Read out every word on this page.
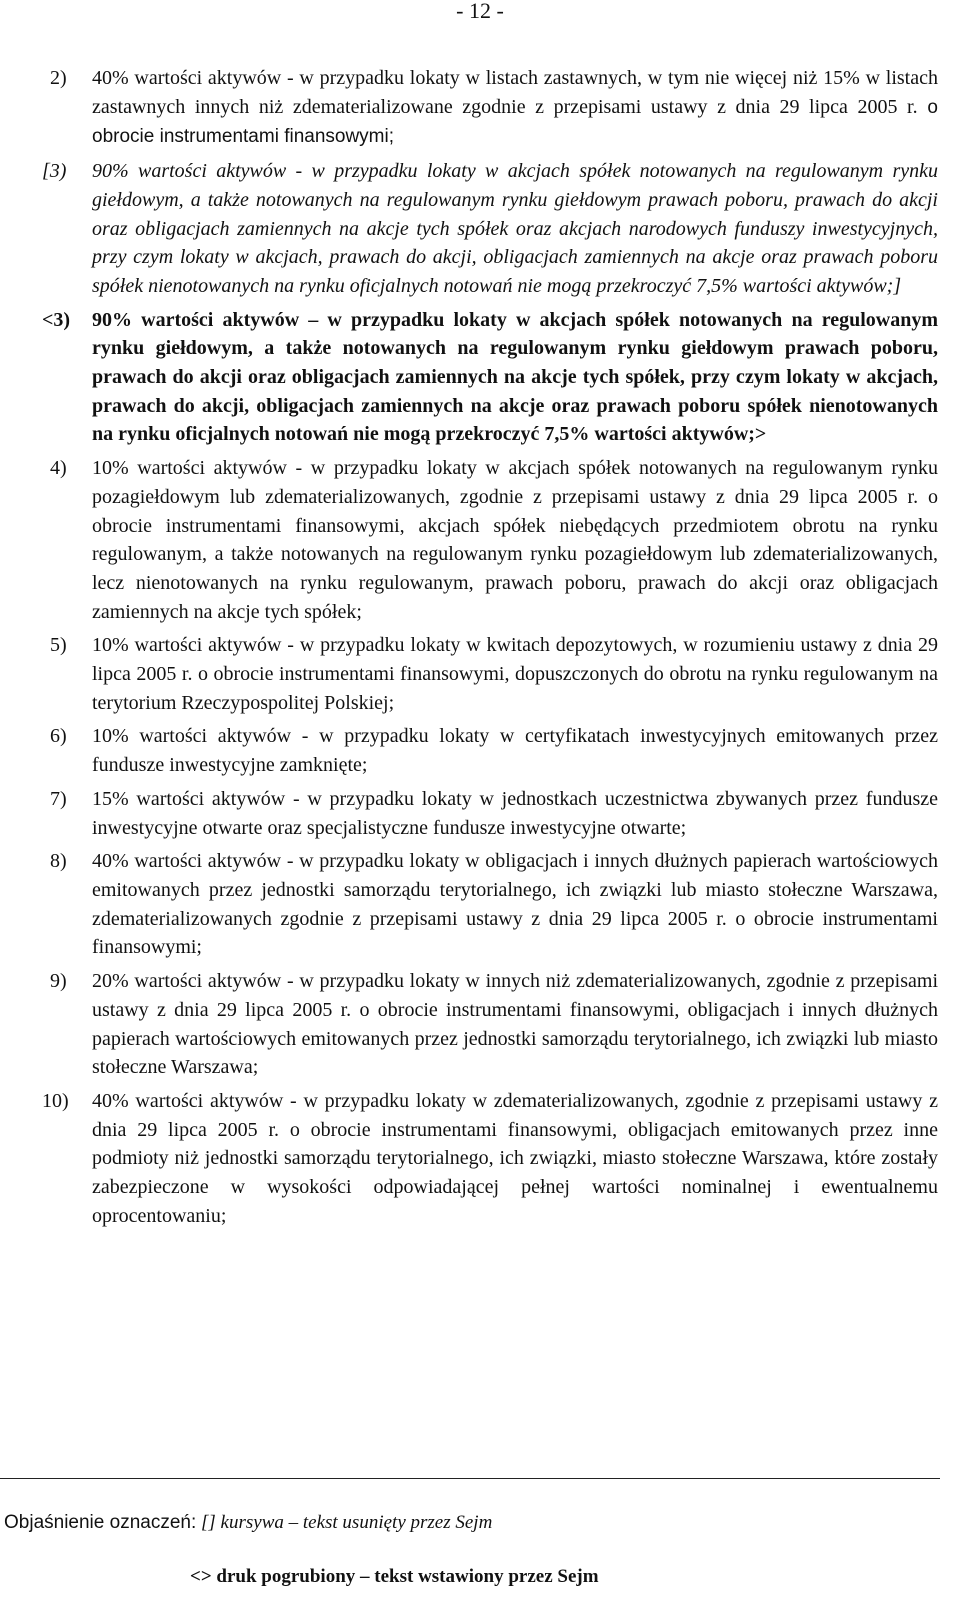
- 12 -
2)	40% wartości aktywów - w przypadku lokaty w listach zastawnych, w tym nie więcej niż 15% w listach zastawnych innych niż zdematerializowane zgodnie z przepisami ustawy z dnia 29 lipca 2005 r. o obrocie instrumentami finansowymi;
[3)	90% wartości aktywów - w przypadku lokaty w akcjach spółek notowanych na regulowanym rynku giełdowym, a także notowanych na regulowanym rynku giełdowym prawach poboru, prawach do akcji oraz obligacjach zamiennych na akcje tych spółek oraz akcjach narodowych funduszy inwestycyjnych, przy czym lokaty w akcjach, prawach do akcji, obligacjach zamiennych na akcje oraz prawach poboru spółek nienotowanych na rynku oficjalnych notowań nie mogą przekroczyć 7,5% wartości aktywów;]
<3)	90% wartości aktywów – w przypadku lokaty w akcjach spółek notowanych na regulowanym rynku giełdowym, a także notowanych na regulowanym rynku giełdowym prawach poboru, prawach do akcji oraz obligacjach zamiennych na akcje tych spółek, przy czym lokaty w akcjach, prawach do akcji, obligacjach zamiennych na akcje oraz prawach poboru spółek nienotowanych na rynku oficjalnych notowań nie mogą przekroczyć 7,5% wartości aktywów;>
4)	10% wartości aktywów - w przypadku lokaty w akcjach spółek notowanych na regulowanym rynku pozagiełdowym lub zdematerializowanych, zgodnie z przepisami ustawy z dnia 29 lipca 2005 r. o obrocie instrumentami finansowymi, akcjach spółek niebędących przedmiotem obrotu na rynku regulowanym, a także notowanych na regulowanym rynku pozagiełdowym lub zdematerializowanych, lecz nienotowanych na rynku regulowanym, prawach poboru, prawach do akcji oraz obligacjach zamiennych na akcje tych spółek;
5)	10% wartości aktywów - w przypadku lokaty w kwitach depozytowych, w rozumieniu ustawy z dnia 29 lipca 2005 r. o obrocie instrumentami finansowymi, dopuszczonych do obrotu na rynku regulowanym na terytorium Rzeczypospolitej Polskiej;
6)	10% wartości aktywów - w przypadku lokaty w certyfikatach inwestycyjnych emitowanych przez fundusze inwestycyjne zamknięte;
7)	15% wartości aktywów - w przypadku lokaty w jednostkach uczestnictwa zbywanych przez fundusze inwestycyjne otwarte oraz specjalistyczne fundusze inwestycyjne otwarte;
8)	40% wartości aktywów - w przypadku lokaty w obligacjach i innych dłużnych papierach wartościowych emitowanych przez jednostki samorządu terytorialnego, ich związki lub miasto stołeczne Warszawa, zdematerializowanych zgodnie z przepisami ustawy z dnia 29 lipca 2005 r. o obrocie instrumentami finansowymi;
9)	20% wartości aktywów - w przypadku lokaty w innych niż zdematerializowanych, zgodnie z przepisami ustawy z dnia 29 lipca 2005 r. o obrocie instrumentami finansowymi, obligacjach i innych dłużnych papierach wartościowych emitowanych przez jednostki samorządu terytorialnego, ich związki lub miasto stołeczne Warszawa;
10)	40% wartości aktywów - w przypadku lokaty w zdematerializowanych, zgodnie z przepisami ustawy z dnia 29 lipca 2005 r. o obrocie instrumentami finansowymi, obligacjach emitowanych przez inne podmioty niż jednostki samorządu terytorialnego, ich związki, miasto stołeczne Warszawa, które zostały zabezpieczone w wysokości odpowiadającej pełnej wartości nominalnej i ewentualnemu oprocentowaniu;
Objaśnienie oznaczeń: [] kursywa – tekst usunięty przez Sejm
<> druk pogrubiony – tekst wstawiony przez Sejm
